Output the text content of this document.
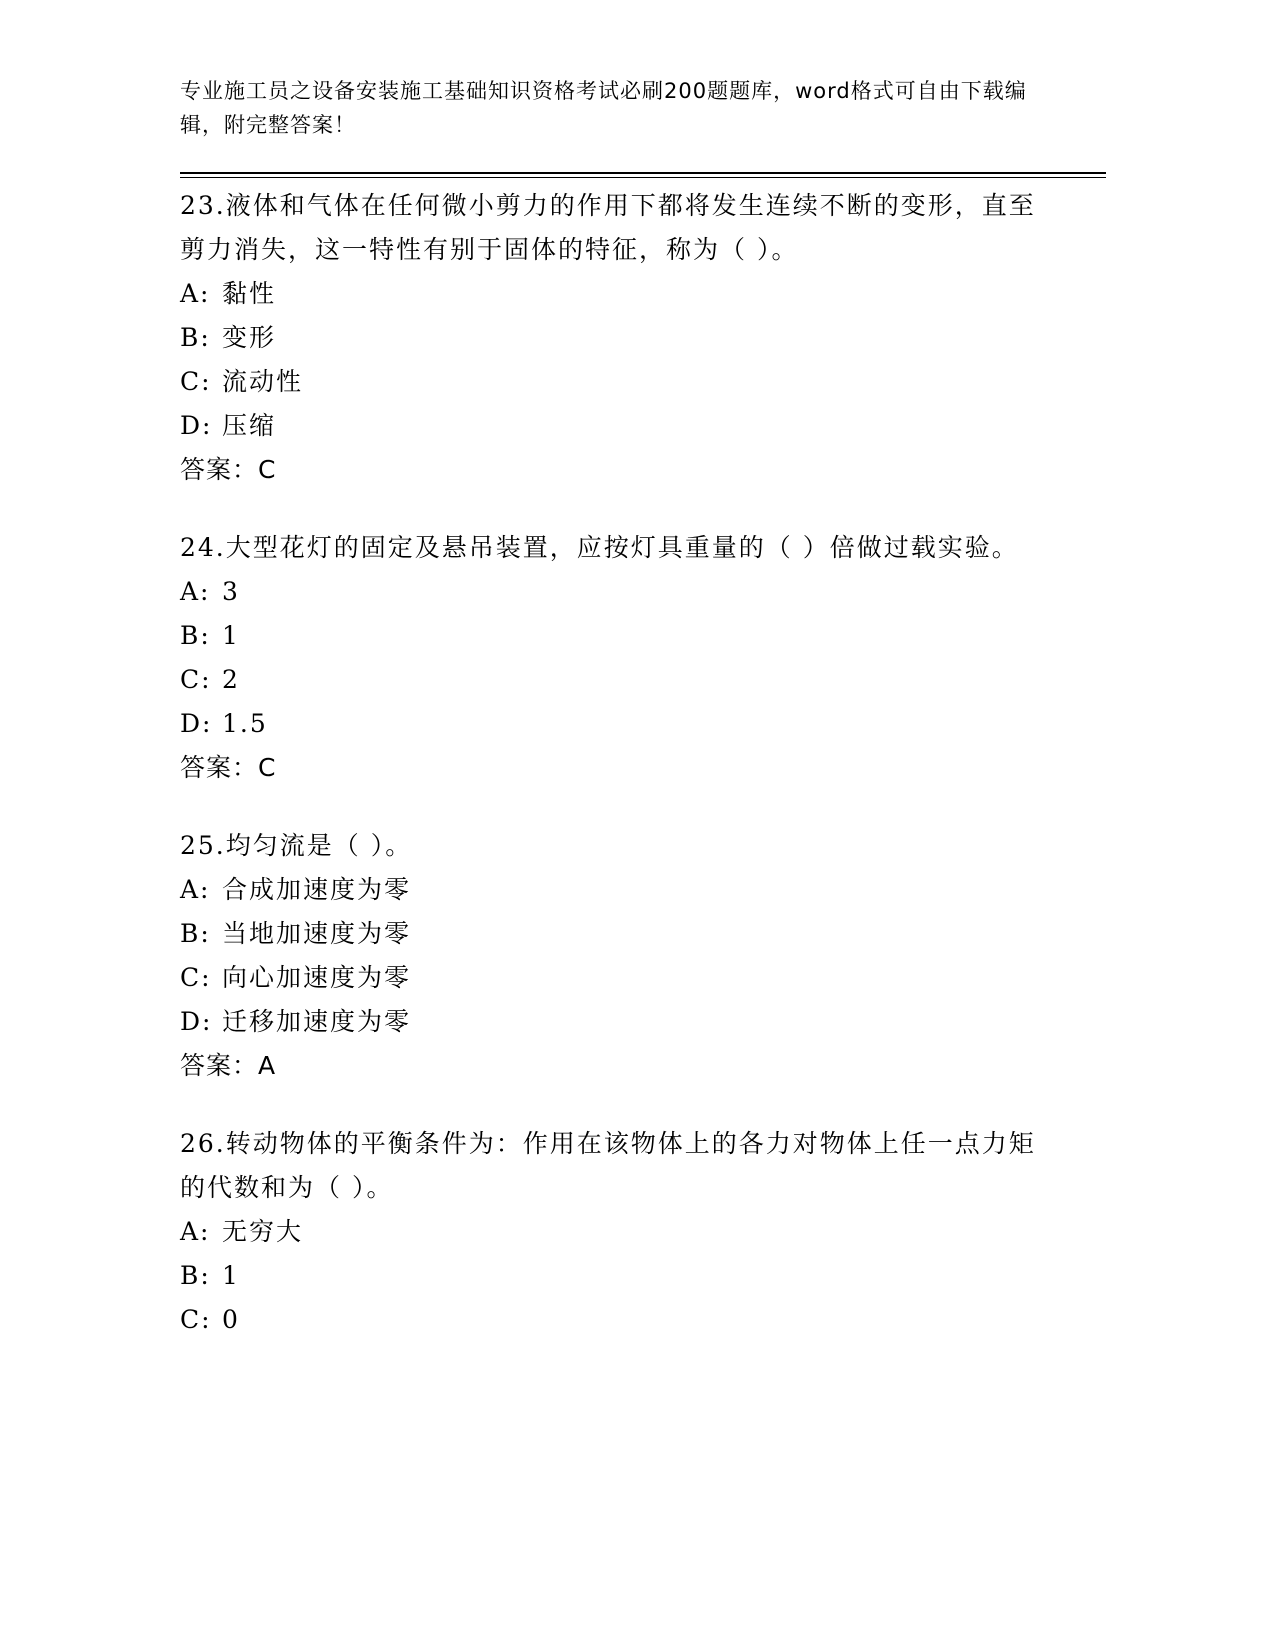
专业施工员之设备安装施工基础知识资格考试必刷200题题库，word格式可自由下载编辑，附完整答案！

23.液体和气体在任何微小剪力的作用下都将发生连续不断的变形，直至剪力消失，这一特性有别于固体的特征，称为（ ）。

A: 黏性

B: 变形

C: 流动性

D: 压缩

答案：C

24.大型花灯的固定及悬吊装置，应按灯具重量的（ ）倍做过载实验。

A: 3

B: 1

C: 2

D: 1.5

答案：C

25.均匀流是（ ）。

A: 合成加速度为零

B: 当地加速度为零

C: 向心加速度为零

D: 迁移加速度为零

答案：A

26.转动物体的平衡条件为：作用在该物体上的各力对物体上任一点力矩的代数和为（ ）。

A: 无穷大

B: 1

C: 0
